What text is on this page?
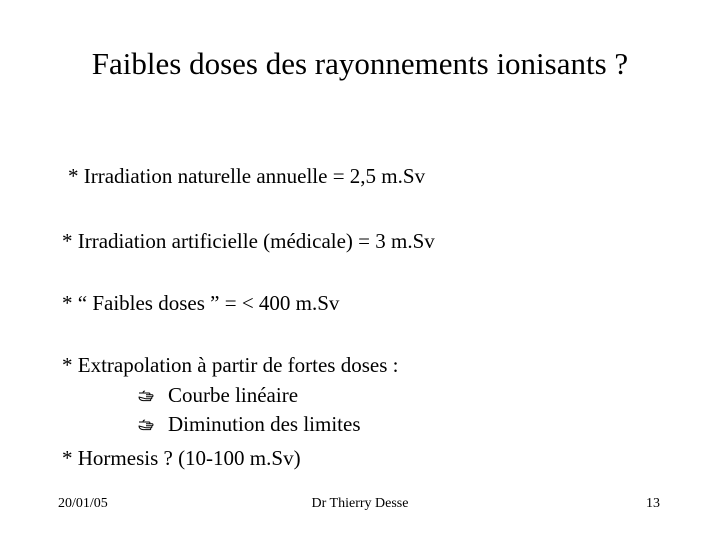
Faibles doses des rayonnements ionisants ?
* Irradiation naturelle annuelle = 2,5 m.Sv
* Irradiation artificielle (médicale) = 3 m.Sv
* “ Faibles doses ” = < 400 m.Sv
* Extrapolation à partir de fortes doses :
Courbe linéaire
Diminution des limites
* Hormesis ? (10-100 m.Sv)
20/01/05	Dr Thierry Desse	13
